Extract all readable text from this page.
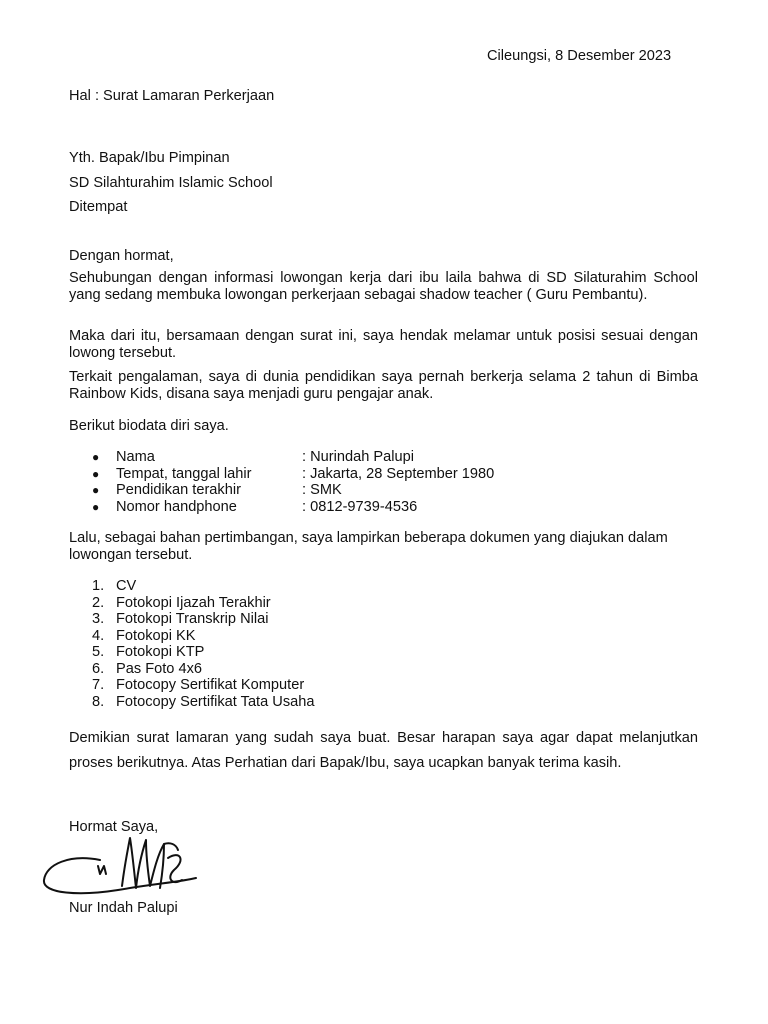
Cileungsi, 8 Desember 2023
Hal : Surat Lamaran Perkerjaan
Yth. Bapak/Ibu Pimpinan
SD Silahturahim Islamic School
Ditempat
Dengan hormat,
Sehubungan dengan informasi lowongan kerja dari ibu laila bahwa di SD Silaturahim School yang sedang membuka lowongan perkerjaan sebagai shadow teacher ( Guru Pembantu).
Maka dari itu, bersamaan dengan surat ini, saya hendak melamar untuk posisi sesuai dengan lowong tersebut.
Terkait pengalaman, saya di dunia pendidikan saya pernah berkerja selama 2 tahun di Bimba Rainbow Kids, disana saya menjadi guru pengajar anak.
Berikut biodata diri saya.
● Nama	: Nurindah Palupi
● Tempat, tanggal lahir	: Jakarta, 28 September 1980
● Pendidikan terakhir	: SMK
● Nomor handphone	: 0812-9739-4536
Lalu, sebagai bahan pertimbangan, saya lampirkan beberapa dokumen yang diajukan dalam lowongan tersebut.
1. CV
2. Fotokopi Ijazah Terakhir
3. Fotokopi Transkrip Nilai
4. Fotokopi KK
5. Fotokopi KTP
6. Pas Foto 4x6
7. Fotocopy Sertifikat Komputer
8. Fotocopy Sertifikat Tata Usaha
Demikian surat lamaran yang sudah saya buat. Besar harapan saya agar dapat melanjutkan proses berikutnya. Atas Perhatian dari Bapak/Ibu, saya ucapkan banyak terima kasih.
Hormat Saya,
Nur Indah Palupi
